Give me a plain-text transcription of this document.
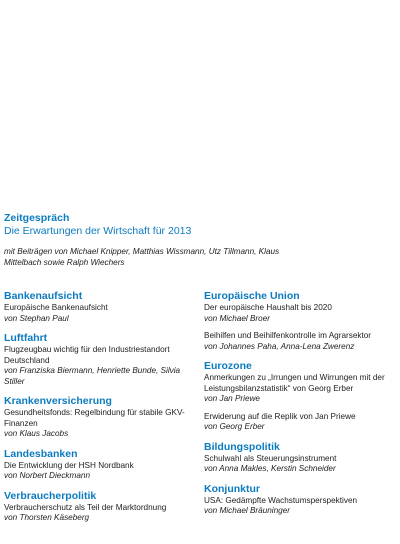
Zeitgespräch
Die Erwartungen der Wirtschaft für 2013
mit Beiträgen von Michael Knipper, Matthias Wissmann, Utz Tillmann, Klaus Mittelbach sowie Ralph Wiechers
Bankenaufsicht
Europäische Bankenaufsicht
von Stephan Paul
Luftfahrt
Flugzeugbau wichtig für den Industriestandort Deutschland
von Franziska Biermann, Henriette Bunde, Silvia Stiller
Krankenversicherung
Gesundheitsfonds: Regelbindung für stabile GKV-Finanzen
von Klaus Jacobs
Landesbanken
Die Entwicklung der HSH Nordbank
von Norbert Dieckmann
Verbraucherpolitik
Verbraucherschutz als Teil der Marktordnung
von Thorsten Käseberg
Europäische Union
Der europäische Haushalt bis 2020
von Michael Broer
Beihilfen und Beihilfenkontrolle im Agrarsektor
von Johannes Paha, Anna-Lena Zwerenz
Eurozone
Anmerkungen zu „Irrungen und Wirrungen mit der Leistungsbilanzstatistik“ von Georg Erber
von Jan Priewe
Erwiderung auf die Replik von Jan Priewe
von Georg Erber
Bildungspolitik
Schulwahl als Steuerungsinstrument
von Anna Makles, Kerstin Schneider
Konjunktur
USA: Gedämpfte Wachstumsperspektiven
von Michael Bräuninger
